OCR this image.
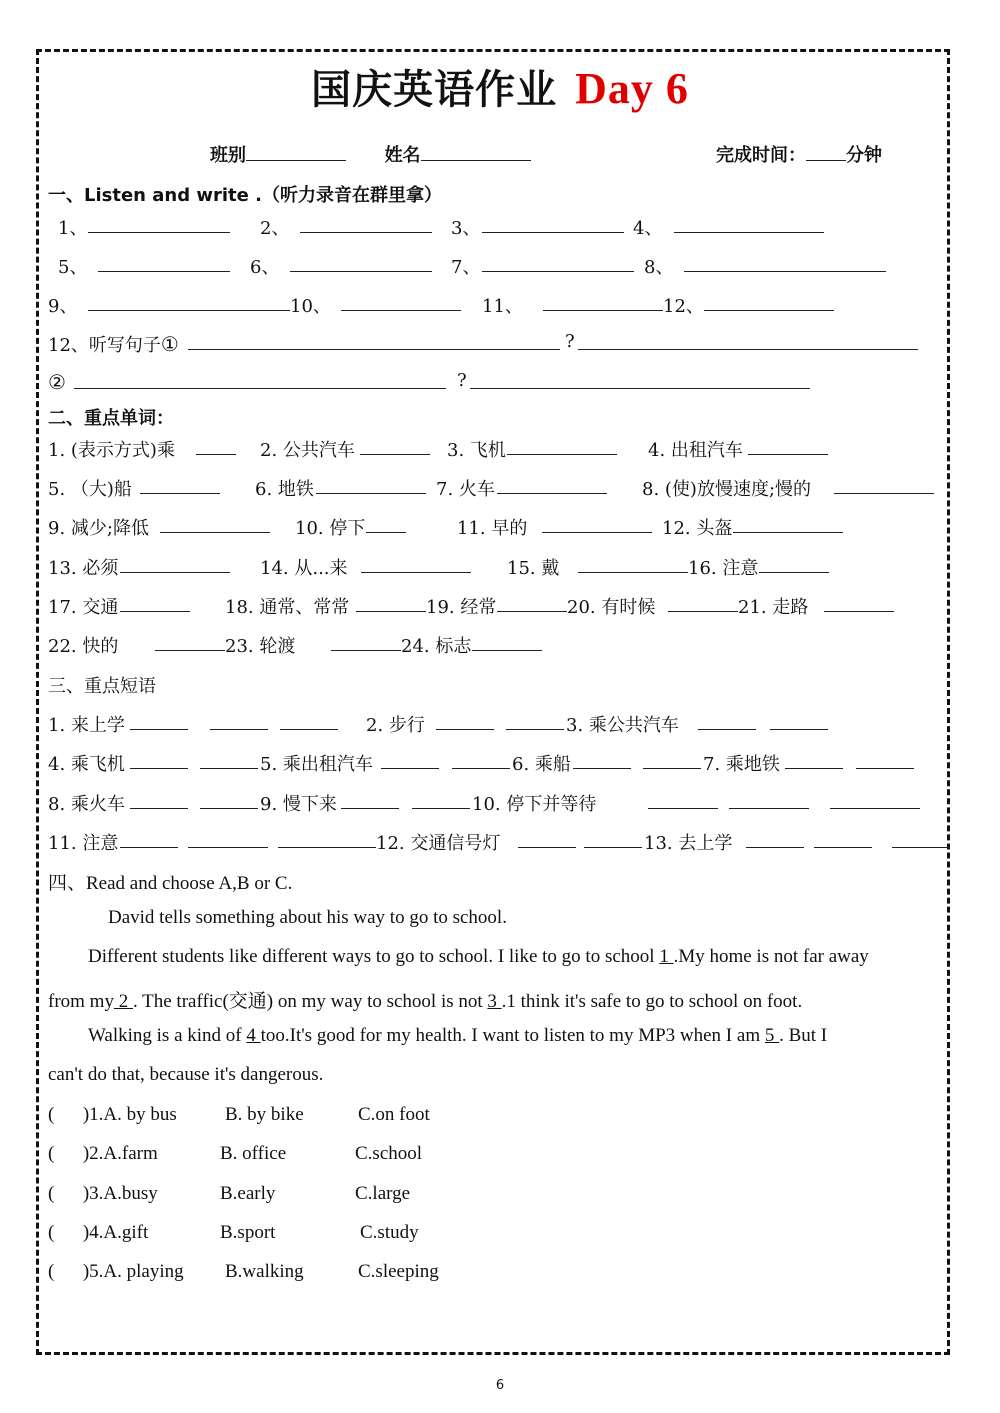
国庆英语作业 Day 6
班别	姓名	完成时间： 分钟
一、Listen and write .（听力录音在群里拿）
1、	2、	3、	4、
5、	6、	7、	8、
9、	10、	11、	12、
12、听写句子①	?
②	?
二、重点单词：
1. (表示方式)乘	2. 公共汽车	3. 飞机	4. 出租汽车
5. （大)船	6. 地铁	7. 火车	8. (使)放慢速度;慢的
9. 减少;降低	10. 停下	11. 早的	12. 头盔
13. 必须	14. 从...来	15. 戴	16. 注意
17. 交通	18. 通常、常常	19. 经常	20. 有时候	21. 走路
22. 快的	23. 轮渡	24. 标志
三、重点短语
1. 来上学	2. 步行	3. 乘公共汽车
4. 乘飞机	5. 乘出租汽车	6. 乘船	7. 乘地铁
8. 乘火车	9. 慢下来	10. 停下并等待
11. 注意	12. 交通信号灯	13. 去上学
四、Read and choose A,B or C.
David tells something about his way to go to school.
Different students like different ways to go to school. I like to go to school 1 .My home is not far away
from my 2 . The traffic(交通) on my way to school is not 3 .1 think it's safe to go to school on foot.
Walking is a kind of 4 too.It's good for my health. I want to listen to my MP3 when I am 5 . But I
can't do that, because it's dangerous.
(      )1.A. by bus	B. by bike	C.on foot
(      )2.A.farm	B. office	C.school
(      )3.A.busy	B.early	C.large
(      )4.A.gift	B.sport	C.study
(      )5.A. playing B.walking	C.sleeping
6
